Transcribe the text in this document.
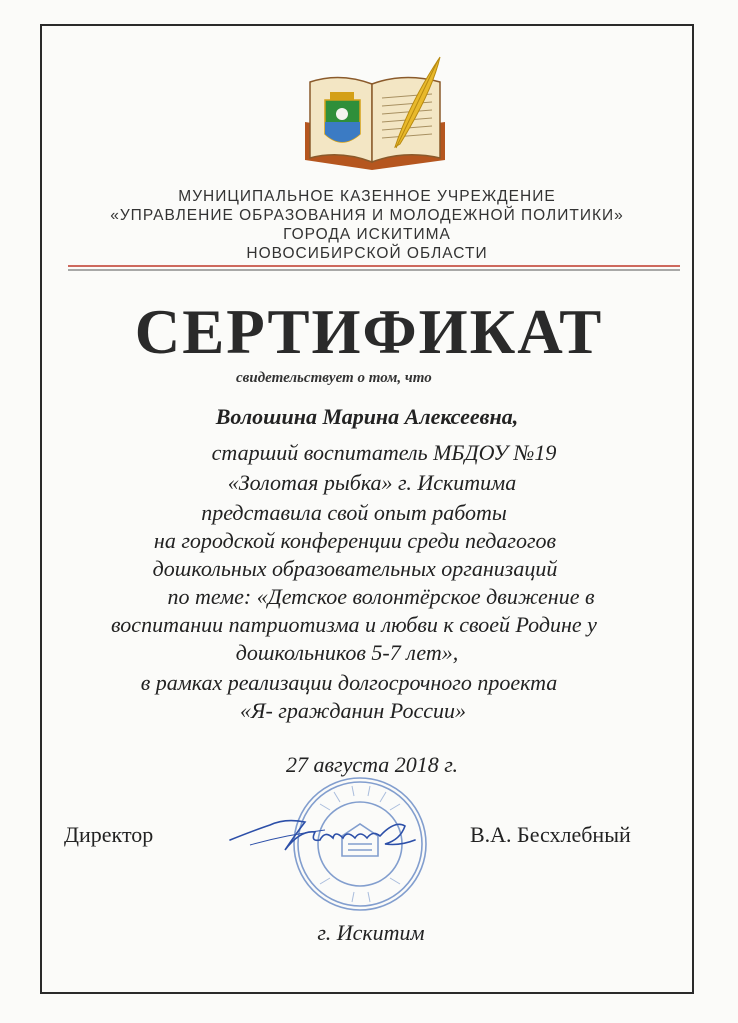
МУНИЦИПАЛЬНОЕ КАЗЕННОЕ УЧРЕЖДЕНИЕ
«УПРАВЛЕНИЕ ОБРАЗОВАНИЯ И МОЛОДЕЖНОЙ ПОЛИТИКИ»
ГОРОДА ИСКИТИМА
НОВОСИБИРСКОЙ ОБЛАСТИ
СЕРТИФИКАТ
свидетельствует о том, что
Волошина Марина Алексеевна,
старший воспитатель МБДОУ №19
«Золотая рыбка» г. Искитима
представила свой опыт работы
на городской конференции среди педагогов
дошкольных образовательных организаций
по теме: «Детское волонтёрское движение в
воспитании патриотизма и любви к своей Родине у
дошкольников 5-7 лет»,
в рамках реализации долгосрочного проекта
«Я- гражданин России»
27 августа 2018 г.
Директор	В.А. Бесхлебный
г. Искитим
